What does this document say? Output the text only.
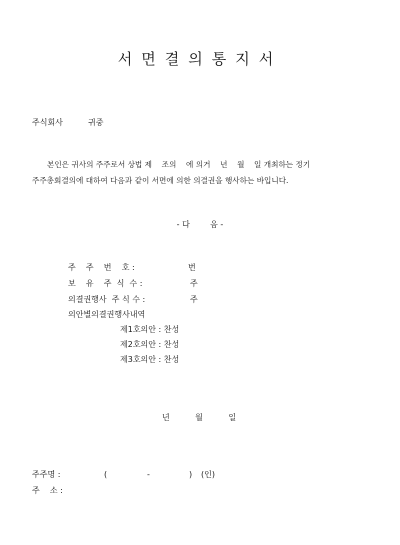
서면결의통지서
주식회사	귀중
본인은 귀사의 주주로서 상법 제    조의    에 의거    년    월    일 개최하는 정기
주주총회결의에 대하여 다음과 같이 서면에 의한 의결권을 행사하는 바입니다.
- 다        음 -
주    주    번    호 :	번
보    유    주  식  수 :	주
의결권행사  주 식 수 :	주
의안별의결권행사내역
제1호의안 : 찬성
제2호의안 : 찬성
제3호의안 : 찬성
년          월          일
주주명 :	(	-	) (인)
주    소 :
